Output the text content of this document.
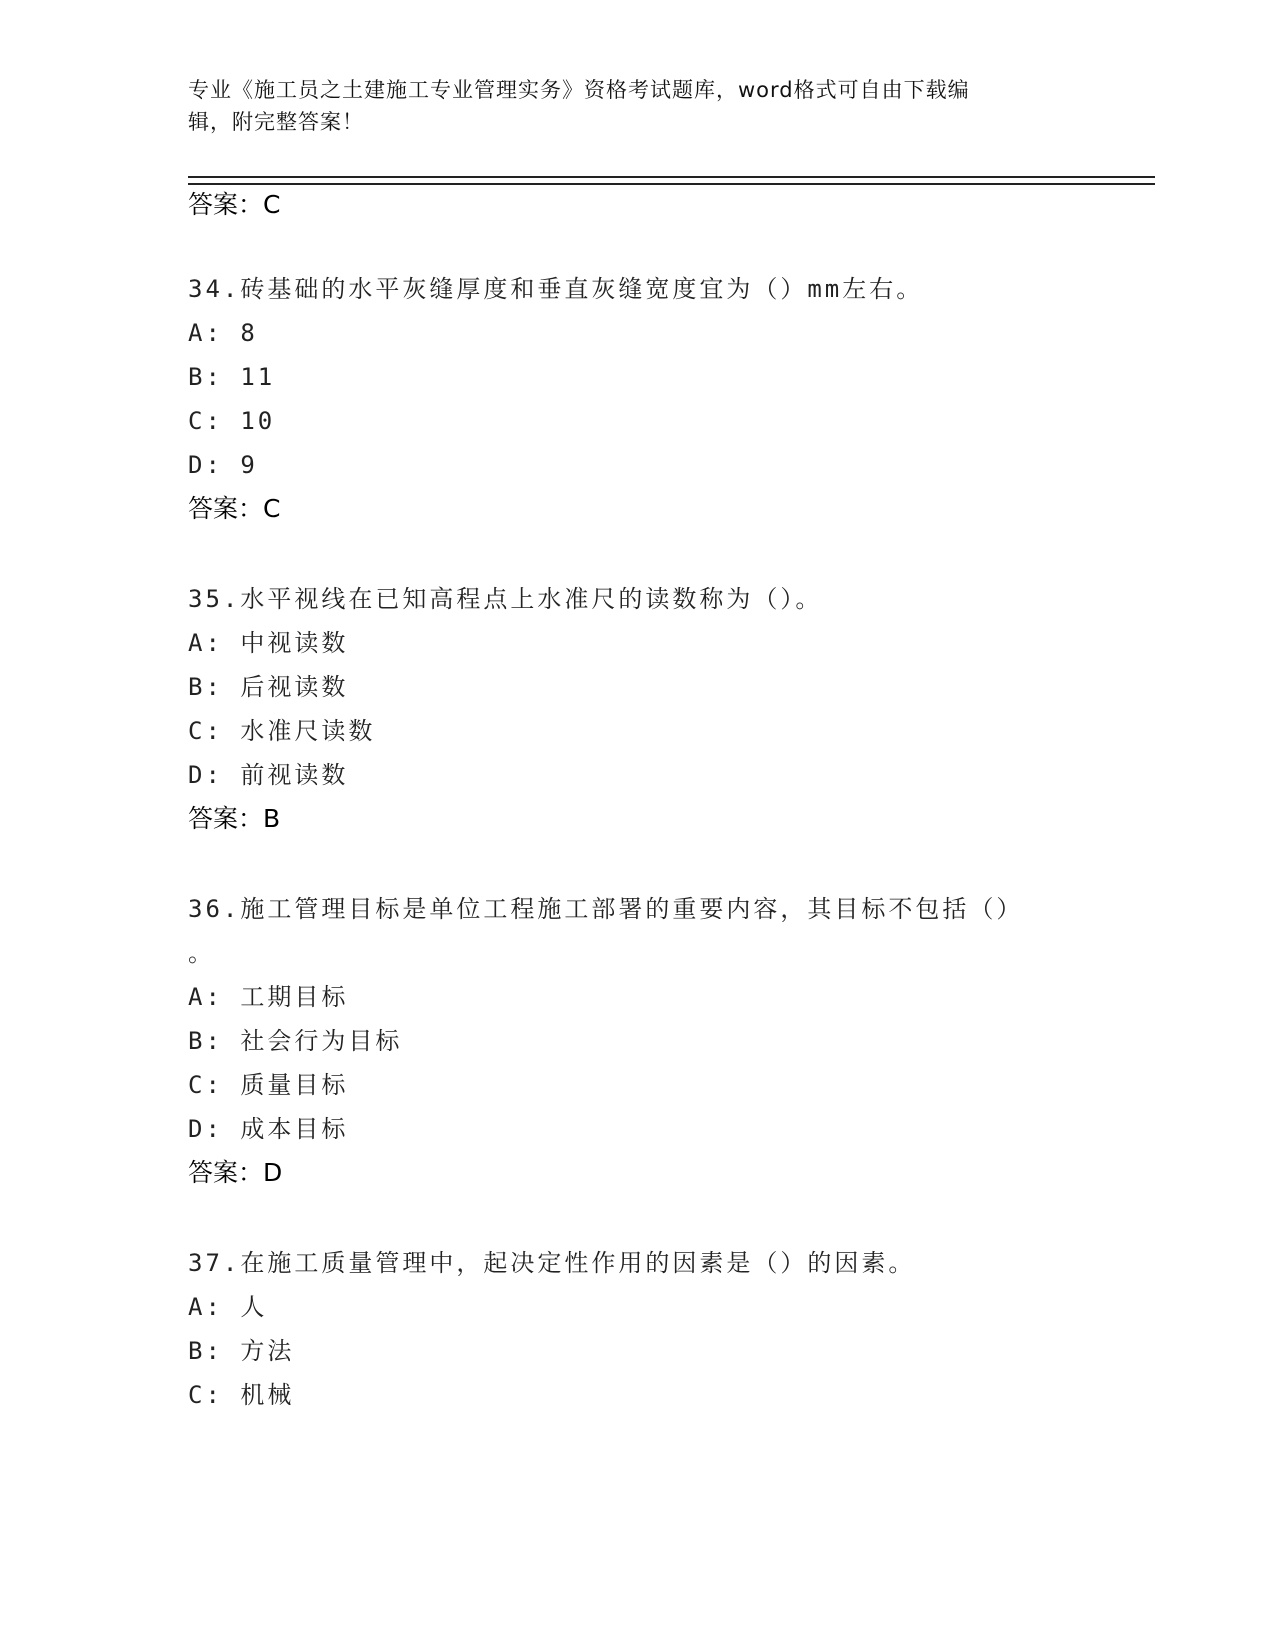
专业《施工员之土建施工专业管理实务》资格考试题库，word格式可自由下载编
辑，附完整答案！
答案：C
34.砖基础的水平灰缝厚度和垂直灰缝宽度宜为（）mm左右。
A: 8
B: 11
C: 10
D: 9
答案：C
35.水平视线在已知高程点上水准尺的读数称为（）。
A: 中视读数
B: 后视读数
C: 水准尺读数
D: 前视读数
答案：B
36.施工管理目标是单位工程施工部署的重要内容，其目标不包括（）
。
A: 工期目标
B: 社会行为目标
C: 质量目标
D: 成本目标
答案：D
37.在施工质量管理中，起决定性作用的因素是（）的因素。
A: 人
B: 方法
C: 机械
